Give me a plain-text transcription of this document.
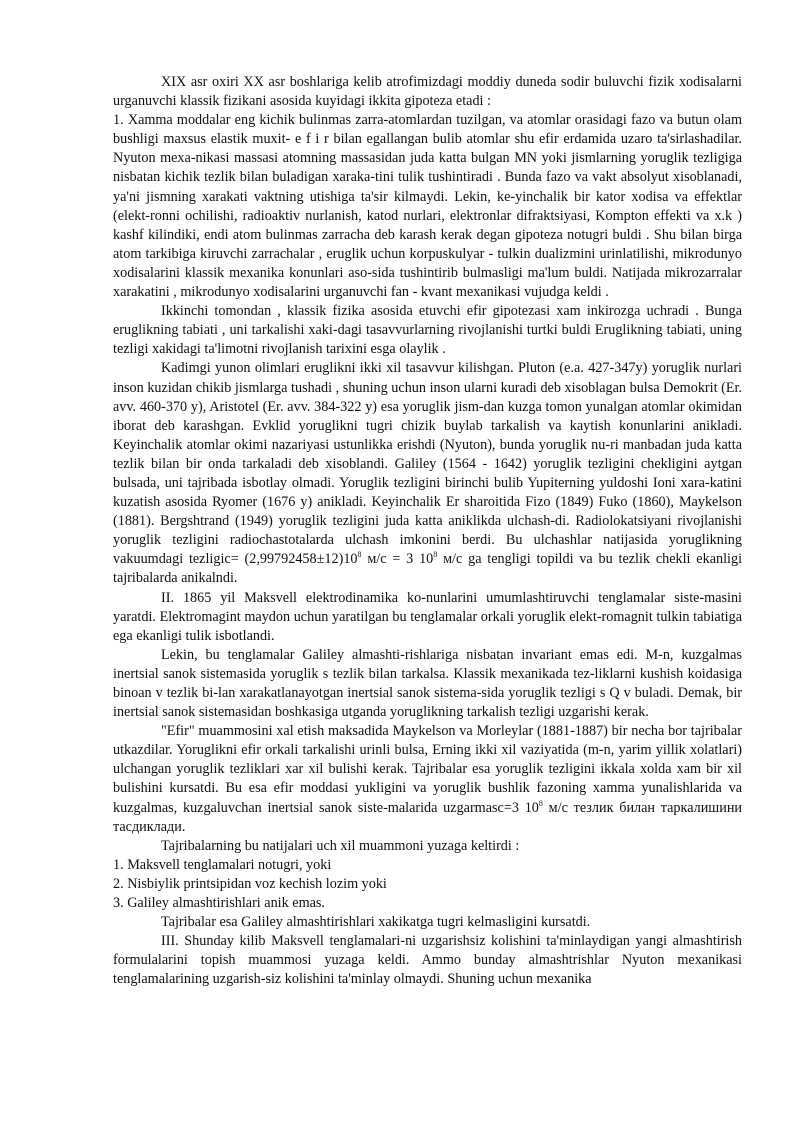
XIX asr oxiri XX asr boshlariga kelib atrofimizdagi moddiy duneda sodir buluvchi fizik xodisalarni urganuvchi klassik fizikani asosida kuyidagi ikkita gipoteza etadi :

1. Xamma moddalar eng kichik bulinmas zarra-atomlardan tuzilgan, va atomlar orasidagi fazo va butun olam bushligi maxsus elastik muxit- e f i r bilan egallangan bulib atomlar shu efir erdamida uzaro ta'sirlashadilar. Nyuton mexa-nikasi massasi atomning massasidan juda katta bulgan MN yoki jismlarning yoruglik tezligiga nisbatan kichik tezlik bilan buladigan xaraka-tini tulik tushintiradi . Bunda fazo va vakt absolyut xisoblanadi, ya'ni jismning xarakati vaktning utishiga ta'sir kilmaydi. Lekin, ke-yinchalik bir kator xodisa va effektlar (elekt-ronni ochilishi, radioaktiv nurlanish, katod nurlari, elektronlar difraktsiyasi, Kompton effekti va x.k ) kashf kilindiki, endi atom bulinmas zarracha deb karash kerak degan gipoteza notugri buldi . Shu bilan birga atom tarkibiga kiruvchi zarrachalar , eruglik uchun korpuskulyar - tulkin dualizmini urinlatilishi, mikrodunyo xodisalarini klassik mexanika konunlari aso-sida tushintirib bulmasligi ma'lum buldi. Natijada mikrozarralar xarakatini , mikrodunyo xodisalarini urganuvchi fan - kvant mexanikasi vujudga keldi .

Ikkinchi tomondan , klassik fizika asosida etuvchi efir gipotezasi xam inkirozga uchradi . Bunga eruglikning tabiati , uni tarkalishi xaki-dagi tasavvurlarning rivojlanishi turtki buldi Eruglikning tabiati, uning tezligi xakidagi ta'limotni rivojlanish tarixini esga olaylik .

Kadimgi yunon olimlari eruglikni ikki xil tasavvur kilishgan. Pluton (e.a. 427-347y) yoruglik nurlari inson kuzidan chikib jismlarga tushadi , shuning uchun inson ularni kuradi deb xisoblagan bulsa Demokrit (Er. avv. 460-370 y), Aristotel (Er. avv. 384-322 y) esa yoruglik jism-dan kuzga tomon yunalgan atomlar okimidan iborat deb karashgan. Evklid yoruglikni tugri chizik buylab tarkalish va kaytish konunlarini anikladi. Keyinchalik atomlar okimi nazariyasi ustunlikka erishdi (Nyuton), bunda yoruglik nu-ri manbadan juda katta tezlik bilan bir onda tarkaladi deb xisoblandi. Galiley (1564 - 1642) yoruglik tezligini chekligini aytgan bulsada, uni tajribada isbotlay olmadi. Yoruglik tezligini birinchi bulib Yupiterning yuldoshi Ioni xara-katini kuzatish asosida Ryomer (1676 y) anikladi. Keyinchalik Er sharoitida Fizo (1849) Fuko (1860), Maykelson (1881). Bergshtrand (1949) yoruglik tezligini juda katta aniklikda ulchash-di. Radiolokatsiyani rivojlanishi yoruglik tezligini radiochastotalarda ulchash imkonini berdi. Bu ulchashlar natijasida yoruglikning vakuumdagi tezligic= $(2,99792458\pm 12)10^8$ м/с = 3 $10^8$ м/с ga tengligi topildi va bu tezlik chekli ekanligi tajribalarda anikalndi.

II. 1865 yil Maksvell elektrodinamika ko-nunlarini umumlashtiruvchi tenglamalar siste-masini yaratdi. Elektromagint maydon uchun yaratilgan bu tenglamalar orkali yoruglik elekt-romagnit tulkin tabiatiga ega ekanligi tulik isbotlandi.

Lekin, bu tenglamalar Galiley almashti-rishlariga nisbatan invariant emas edi. M-n, kuzgalmas inertsial sanok sistemasida yoruglik s tezlik bilan tarkalsa. Klassik mexanikada tez-liklarni kushish koidasiga binoan v tezlik bi-lan xarakatlanayotgan inertsial sanok sistema-sida yoruglik tezligi s Q v buladi. Demak, bir inertsial sanok sistemasidan boshkasiga utganda yoruglikning tarkalish tezligi uzgarishi kerak.

"Efir" muammosini xal etish maksadida Maykelson va Morleylar (1881-1887) bir necha bor tajribalar utkazdilar. Yoruglikni efir orkali tarkalishi urinli bulsa, Erning ikki xil vaziyatida (m-n, yarim yillik xolatlari) ulchangan yoruglik tezliklari xar xil bulishi kerak. Tajribalar esa yoruglik tezligini ikkala xolda xam bir xil bulishini kursatdi. Bu esa efir moddasi yukligini va yoruglik bushlik fazoning xamma yunalishlarida va kuzgalmas, kuzgaluvchan inertsial sanok siste-malarida uzgarmasc=3 $10^8$ м/с тезлик билан таркалишини тасдиклади.

Tajribalarning bu natijalari uch xil muammoni yuzaga keltirdi :

1. Maksvell tenglamalari notugri, yoki

2. Nisbiylik printsipidan voz kechish lozim yoki

3. Galiley almashtirishlari anik emas.

Tajribalar esa Galiley almashtirishlari xakikatga tugri kelmasligini kursatdi.

III. Shunday kilib Maksvell tenglamalari-ni uzgarishsiz kolishini ta'minlaydigan yangi almashtirish formulalarini topish muammosi yuzaga keldi. Ammo bunday almashtrishlar Nyuton mexanikasi tenglamalarining uzgarish-siz kolishini ta'minlay olmaydi. Shuning uchun mexanika
